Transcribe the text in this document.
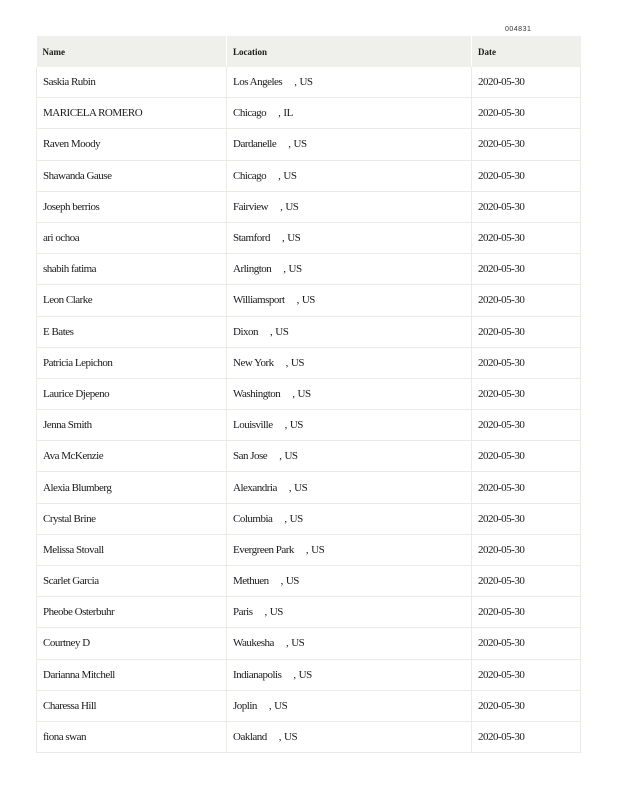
004831
Name	Location	Date
Saskia Rubin	Los Angeles , US	2020-05-30
MARICELA ROMERO	Chicago , IL	2020-05-30
Raven Moody	Dardanelle , US	2020-05-30
Shawanda Gause	Chicago , US	2020-05-30
Joseph berrios	Fairview , US	2020-05-30
ari ochoa	Stamford , US	2020-05-30
shabih fatima	Arlington , US	2020-05-30
Leon Clarke	Williamsport , US	2020-05-30
E Bates	Dixon , US	2020-05-30
Patricia Lepichon	New York , US	2020-05-30
Laurice Djepeno	Washington , US	2020-05-30
Jenna Smith	Louisville , US	2020-05-30
Ava McKenzie	San Jose , US	2020-05-30
Alexia Blumberg	Alexandria , US	2020-05-30
Crystal Brine	Columbia , US	2020-05-30
Melissa Stovall	Evergreen Park , US	2020-05-30
Scarlet Garcia	Methuen , US	2020-05-30
Pheobe Osterbuhr	Paris , US	2020-05-30
Courtney D	Waukesha , US	2020-05-30
Darianna Mitchell	Indianapolis , US	2020-05-30
Charessa Hill	Joplin , US	2020-05-30
fiona swan	Oakland , US	2020-05-30
